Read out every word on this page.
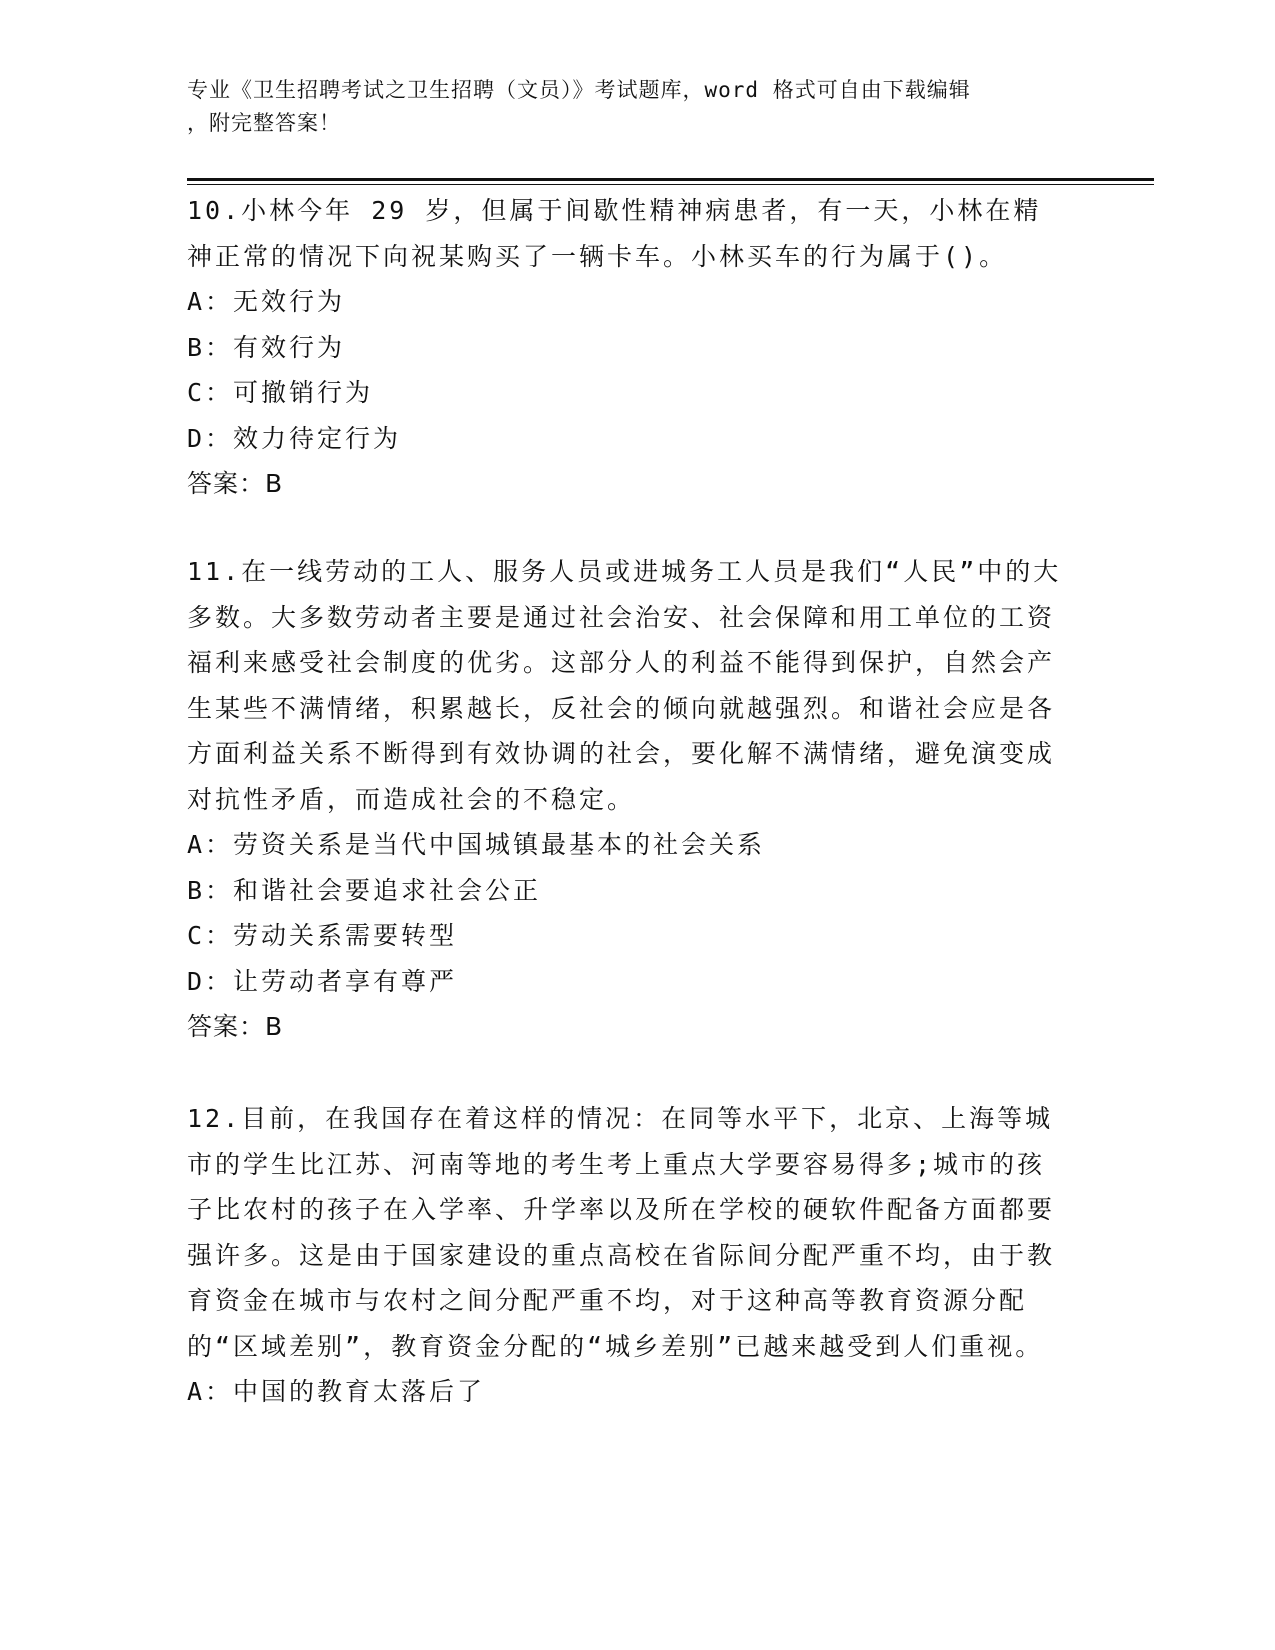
专业《卫生招聘考试之卫生招聘（文员）》考试题库，word 格式可自由下载编辑
，附完整答案！
10.小林今年 29 岁，但属于间歇性精神病患者，有一天，小林在精神正常的情况下向祝某购买了一辆卡车。小林买车的行为属于()。
A：无效行为
B：有效行为
C：可撤销行为
D：效力待定行为
答案：B
11.在一线劳动的工人、服务人员或进城务工人员是我们“人民”中的大多数。大多数劳动者主要是通过社会治安、社会保障和用工单位的工资福利来感受社会制度的优劣。这部分人的利益不能得到保护，自然会产生某些不满情绪，积累越长，反社会的倾向就越强烈。和谐社会应是各方面利益关系不断得到有效协调的社会，要化解不满情绪，避免演变成对抗性矛盾，而造成社会的不稳定。
A：劳资关系是当代中国城镇最基本的社会关系
B：和谐社会要追求社会公正
C：劳动关系需要转型
D：让劳动者享有尊严
答案：B
12.目前，在我国存在着这样的情况：在同等水平下，北京、上海等城市的学生比江苏、河南等地的考生考上重点大学要容易得多;城市的孩子比农村的孩子在入学率、升学率以及所在学校的硬软件配备方面都要强许多。这是由于国家建设的重点高校在省际间分配严重不均，由于教育资金在城市与农村之间分配严重不均，对于这种高等教育资源分配的“区域差别”，教育资金分配的“城乡差别”已越来越受到人们重视。
A：中国的教育太落后了
